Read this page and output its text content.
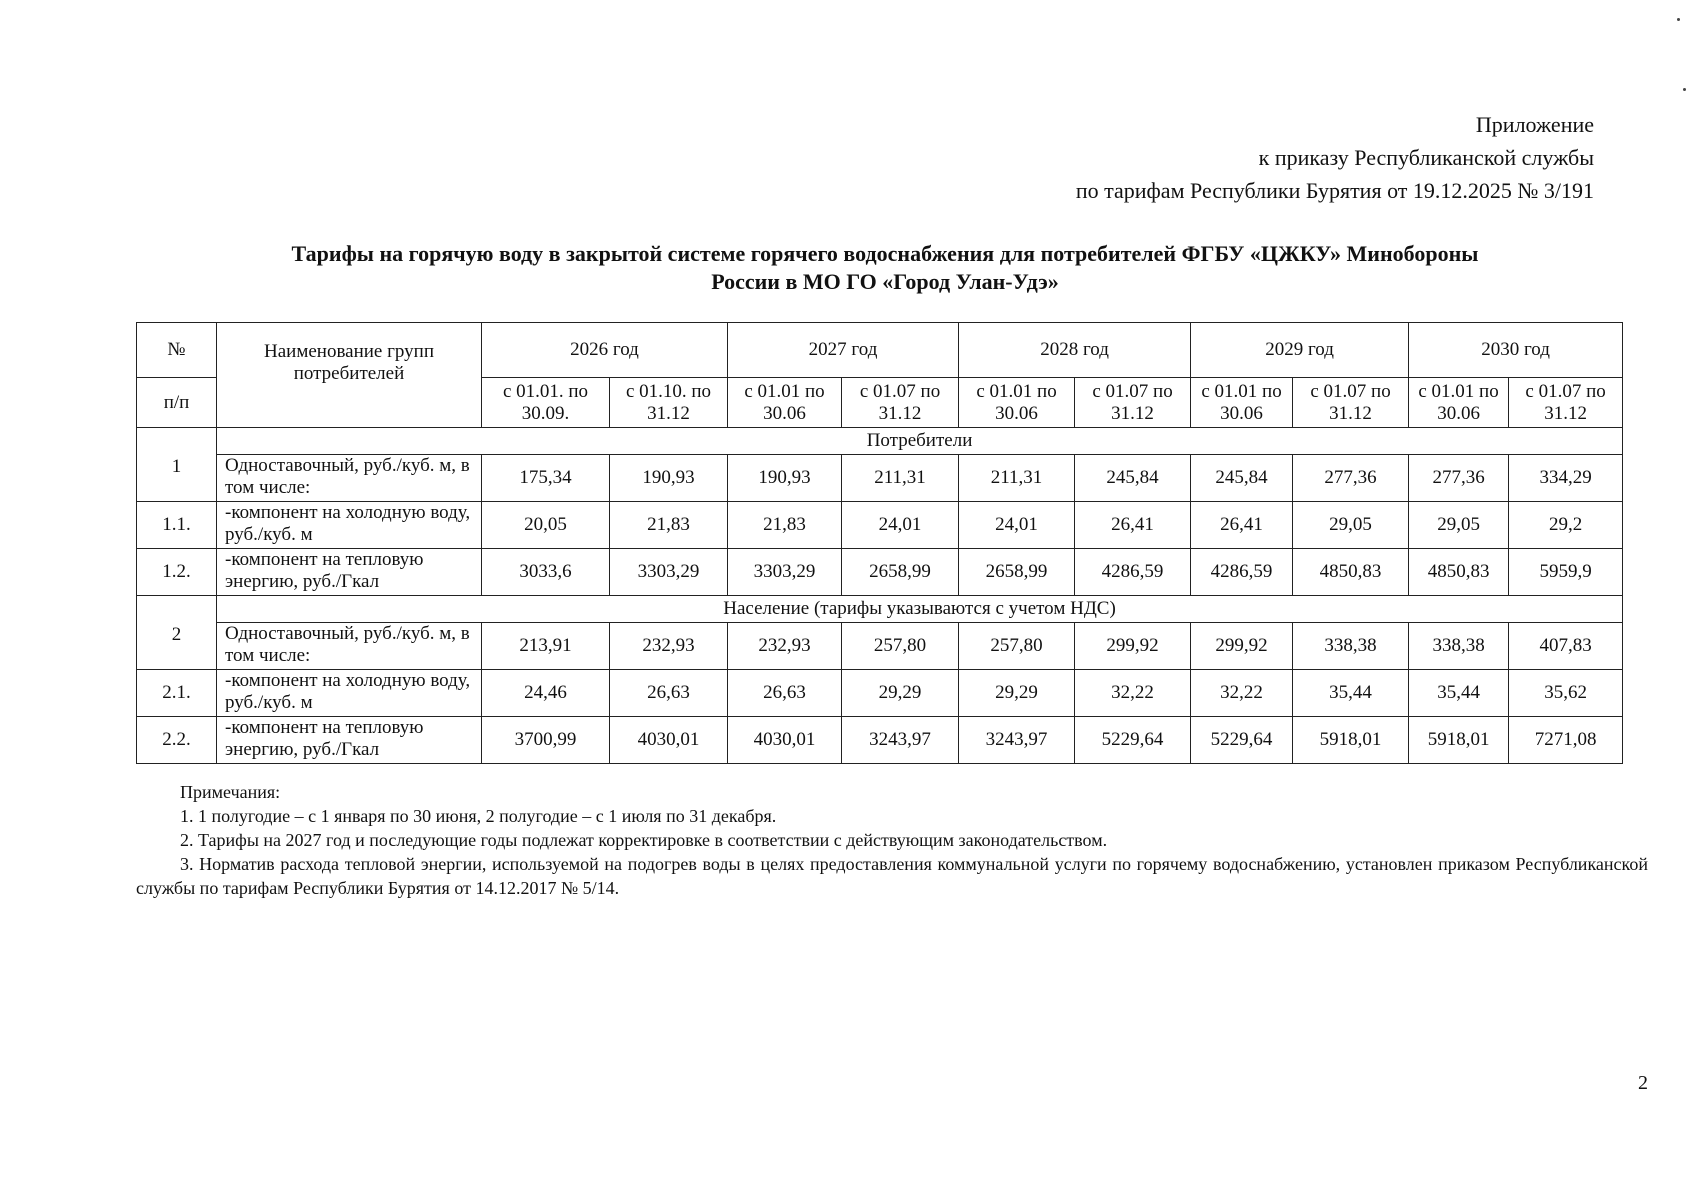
Приложение
к приказу Республиканской службы
по тарифам Республики Бурятия от 19.12.2025 № 3/191
Тарифы на горячую воду в закрытой системе горячего водоснабжения для потребителей ФГБУ «ЦЖКУ» Минобороны
России в МО ГО «Город Улан-Удэ»
№	Наименование групп потребителей	2026 год		2027 год		2028 год		2029 год		2030 год	
п/п		с 01.01. по 30.09.	с 01.10. по 31.12	с 01.01 по 30.06	с 01.07 по 31.12	с 01.01 по 30.06	с 01.07 по 31.12	с 01.01 по 30.06	с 01.07 по 31.12	с 01.01 по 30.06	с 01.07 по 31.12
1	Потребители										
	Одноставочный, руб./куб. м, в том числе:	175,34	190,93	190,93	211,31	211,31	245,84	245,84	277,36	277,36	334,29
1.1.	-компонент на холодную воду, руб./куб. м	20,05	21,83	21,83	24,01	24,01	26,41	26,41	29,05	29,05	29,2
1.2.	-компонент на тепловую энергию, руб./Гкал	3033,6	3303,29	3303,29	2658,99	2658,99	4286,59	4286,59	4850,83	4850,83	5959,9
2	Население (тарифы указываются с учетом НДС)										
	Одноставочный, руб./куб. м, в том числе:	213,91	232,93	232,93	257,80	257,80	299,92	299,92	338,38	338,38	407,83
2.1.	-компонент на холодную воду, руб./куб. м	24,46	26,63	26,63	29,29	29,29	32,22	32,22	35,44	35,44	35,62
2.2.	-компонент на тепловую энергию, руб./Гкал	3700,99	4030,01	4030,01	3243,97	3243,97	5229,64	5229,64	5918,01	5918,01	7271,08
Примечания:
1. 1 полугодие – с 1 января по 30 июня, 2 полугодие – с 1 июля по 31 декабря.
2. Тарифы на 2027 год и последующие годы подлежат корректировке в соответствии с действующим законодательством.
3. Норматив расхода тепловой энергии, используемой на подогрев воды в целях предоставления коммунальной услуги по горячему водоснабжению, установлен приказом Республиканской службы по тарифам Республики Бурятия от 14.12.2017 № 5/14.
2
